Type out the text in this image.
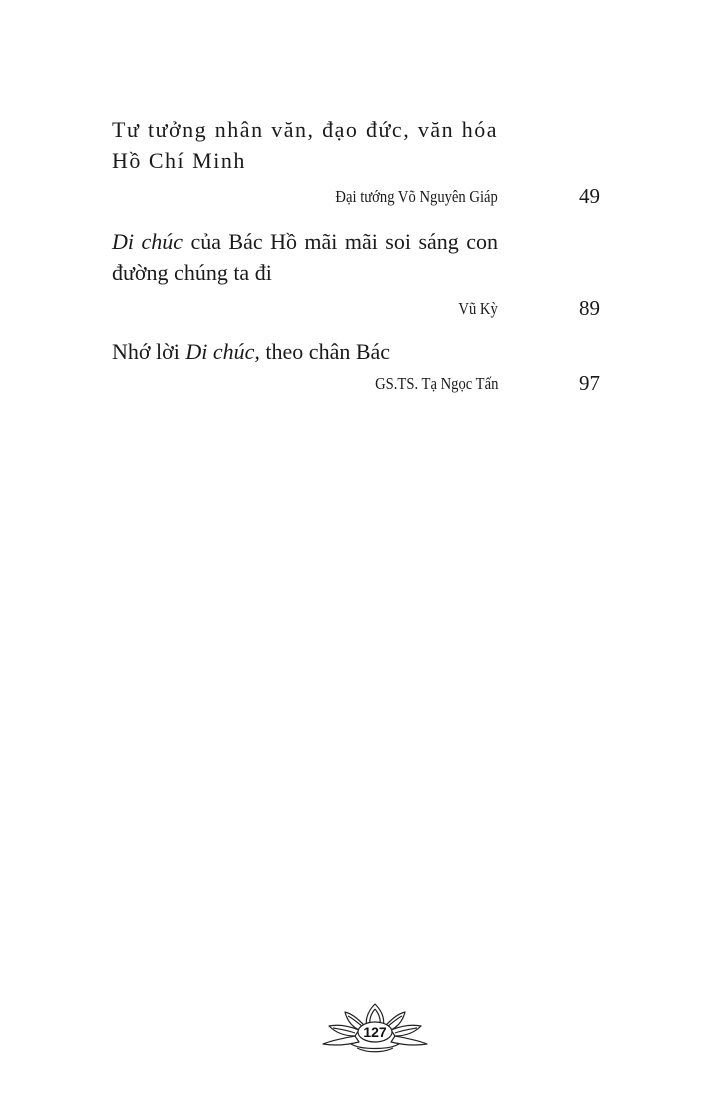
Tư tưởng nhân văn, đạo đức, văn hóa
Hồ Chí Minh

Đại tướng Võ Nguyên Giáp	49

Di chúc của Bác Hồ mãi mãi soi sáng con
đường chúng ta đi

Vũ Kỳ	89

Nhớ lời Di chúc, theo chân Bác

GS.TS. Tạ Ngọc Tấn	97
127
